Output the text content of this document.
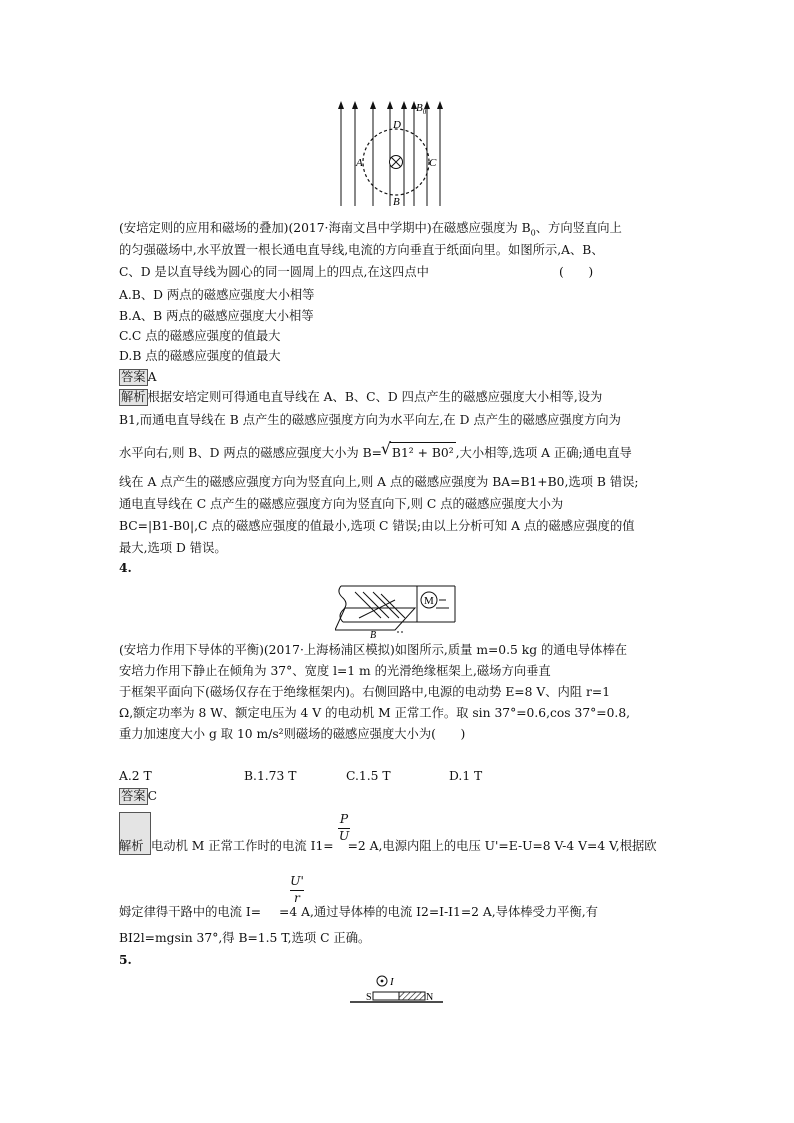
$B_0$
D
A	C
B
(安培定则的应用和磁场的叠加)(2017·海南文昌中学期中)在磁感应强度为 $B_0$、方向竖直向上
的匀强磁场中,水平放置一根长通电直导线,电流的方向垂直于纸面向里。如图所示,A、B、
C、D 是以直导线为圆心的同一圆周上的四点,在这四点中	(　　)
A.B、D 两点的磁感应强度大小相等
B.A、B 两点的磁感应强度大小相等
C.C 点的磁感应强度的值最大
D.B 点的磁感应强度的值最大
答案 A
解析 根据安培定则可得通电直导线在 A、B、C、D 四点产生的磁感应强度大小相等,设为
B1,而通电直导线在 B 点产生的磁感应强度方向为水平向左,在 D 点产生的磁感应强度方向为
水平向右,则 B、D 两点的磁感应强度大小为 B= √ B1² + B0² ,大小相等,选项 A 正确;通电直导
线在 A 点产生的磁感应强度方向为竖直向上,则 A 点的磁感应强度为 BA=B1+B0,选项 B 错误;
通电直导线在 C 点产生的磁感应强度方向为竖直向下,则 C 点的磁感应强度大小为
BC=|B1-B0|,C 点的磁感应强度的值最小,选项 C 错误;由以上分析可知 A 点的磁感应强度的值
最大,选项 D 错误。
4.
M
B
(安培力作用下导体的平衡)(2017·上海杨浦区模拟)如图所示,质量 m=0.5 kg 的通电导体棒在
安培力作用下静止在倾角为 37°、宽度 l=1 m 的光滑绝缘框架上,磁场方向垂直
于框架平面向下(磁场仅存在于绝缘框架内)。右侧回路中,电源的电动势 E=8 V、内阻 r=1
Ω,额定功率为 8 W、额定电压为 4 V 的电动机 M 正常工作。取 sin 37°=0.6,cos 37°=0.8,
重力加速度大小 g 取 10 m/s²则磁场的磁感应强度大小为(　　)
A.2 T	B.1.73 T	C.1.5 T	D.1 T
答案 C
P
U
解析 电动机 M 正常工作时的电流 I1= =2 A,电源内阻上的电压 U'=E-U=8 V-4 V=4 V,根据欧
U'
r
姆定律得干路中的电流 I= =4 A,通过导体棒的电流 I2=I-I1=2 A,导体棒受力平衡,有
BI2l=mgsin 37°,得 B=1.5 T,选项 C 正确。
5.
I
S	N
